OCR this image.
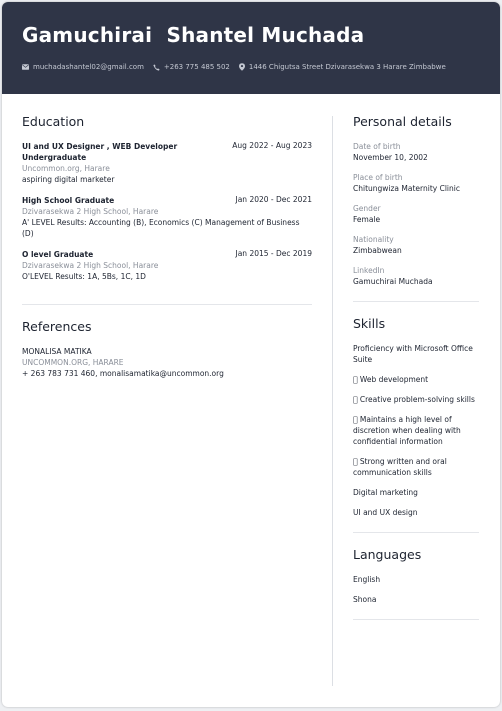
Gamuchirai  Shantel Muchada
muchadashantel02@gmail.com	+263 775 485 502	1446 Chigutsa Street Dzivarasekwa 3 Harare Zimbabwe
Education
UI and UX Designer , WEB Developer Undergraduate
Aug 2022 - Aug 2023
Uncommon.org, Harare
aspiring digital marketer
High School Graduate	Jan 2020 - Dec 2021
Dzivarasekwa 2 High School, Harare
A' LEVEL Results: Accounting (B), Economics (C) Management of Business (D)
O level Graduate	Jan 2015 - Dec 2019
Dzivarasekwa 2 High School, Harare
O'LEVEL Results: 1A, 5Bs, 1C, 1D
References
MONALISA MATIKA
UNCOMMON.ORG, HARARE
+ 263 783 731 460, monalisamatika@uncommon.org
Personal details
Date of birth
November 10, 2002
Place of birth
Chitungwiza Maternity Clinic
Gender
Female
Nationality
Zimbabwean
LinkedIn
Gamuchirai Muchada
Skills
Proficiency with Microsoft Office Suite
􏰀 Web development
􏰀 Creative problem-solving skills
􏰀 Maintains a high level of discretion when dealing with confidential information
􏰀 Strong written and oral communication skills
Digital marketing
UI and UX design
Languages
English
Shona
